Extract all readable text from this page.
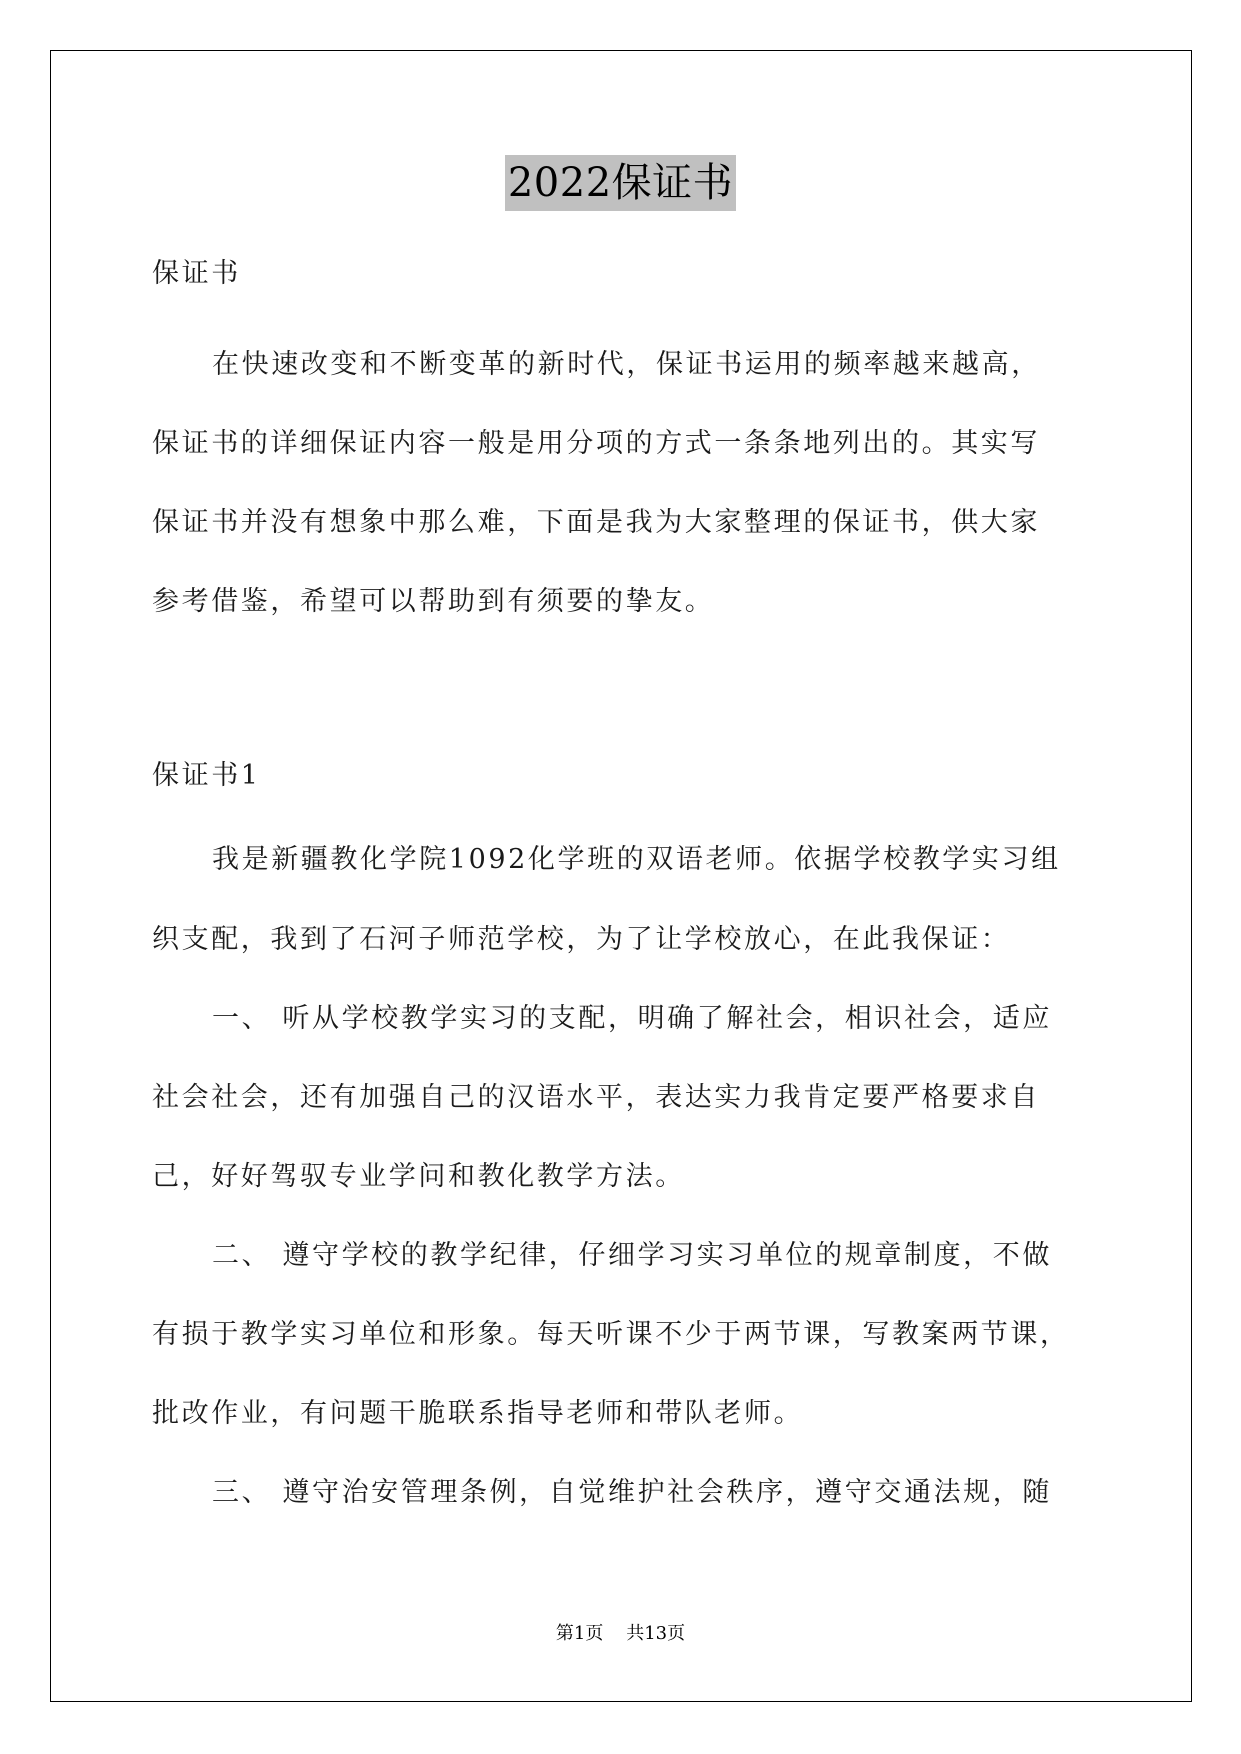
2022保证书
保证书
在快速改变和不断变革的新时代，保证书运用的频率越来越高，
保证书的详细保证内容一般是用分项的方式一条条地列出的。其实写
保证书并没有想象中那么难，下面是我为大家整理的保证书，供大家
参考借鉴，希望可以帮助到有须要的挚友。
保证书1
我是新疆教化学院1092化学班的双语老师。依据学校教学实习组
织支配，我到了石河子师范学校，为了让学校放心，在此我保证：
一、 听从学校教学实习的支配，明确了解社会，相识社会，适应
社会社会，还有加强自己的汉语水平，表达实力我肯定要严格要求自
己，好好驾驭专业学问和教化教学方法。
二、 遵守学校的教学纪律，仔细学习实习单位的规章制度，不做
有损于教学实习单位和形象。每天听课不少于两节课，写教案两节课，
批改作业，有问题干脆联系指导老师和带队老师。
三、 遵守治安管理条例，自觉维护社会秩序，遵守交通法规，随
第1页    共13页
